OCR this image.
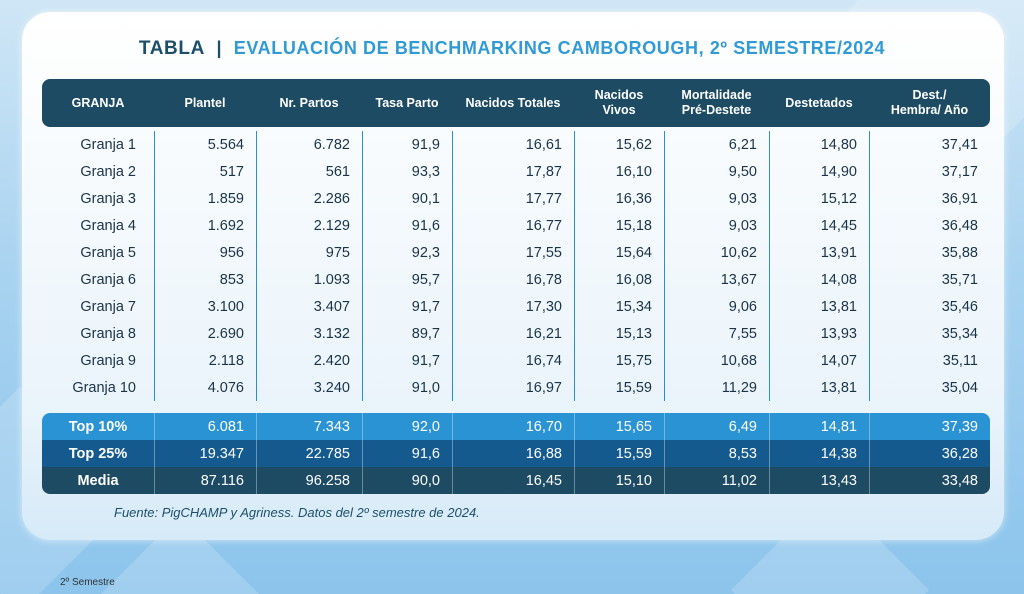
TABLA | EVALUACIÓN DE BENCHMARKING CAMBOROUGH, 2º SEMESTRE/2024
GRANJA	Plantel	Nr. Partos	Tasa Parto	Nacidos Totales	Nacidos Vivos	Mortalidade Pré-Destete	Destetados	Dest./ Hembra/ Año

Granja 1	5.564	6.782	91,9	16,61	15,62	6,21	14,80	37,41
Granja 2	517	561	93,3	17,87	16,10	9,50	14,90	37,17
Granja 3	1.859	2.286	90,1	17,77	16,36	9,03	15,12	36,91
Granja 4	1.692	2.129	91,6	16,77	15,18	9,03	14,45	36,48
Granja 5	956	975	92,3	17,55	15,64	10,62	13,91	35,88
Granja 6	853	1.093	95,7	16,78	16,08	13,67	14,08	35,71
Granja 7	3.100	3.407	91,7	17,30	15,34	9,06	13,81	35,46
Granja 8	2.690	3.132	89,7	16,21	15,13	7,55	13,93	35,34
Granja 9	2.118	2.420	91,7	16,74	15,75	10,68	14,07	35,11
Granja 10	4.076	3.240	91,0	16,97	15,59	11,29	13,81	35,04

Top 10%	6.081	7.343	92,0	16,70	15,65	6,49	14,81	37,39
Top 25%	19.347	22.785	91,6	16,88	15,59	8,53	14,38	36,28
Media	87.116	96.258	90,0	16,45	15,10	11,02	13,43	33,48
Fuente: PigCHAMP y Agriness. Datos del 2º semestre de 2024.
2º Semestre
